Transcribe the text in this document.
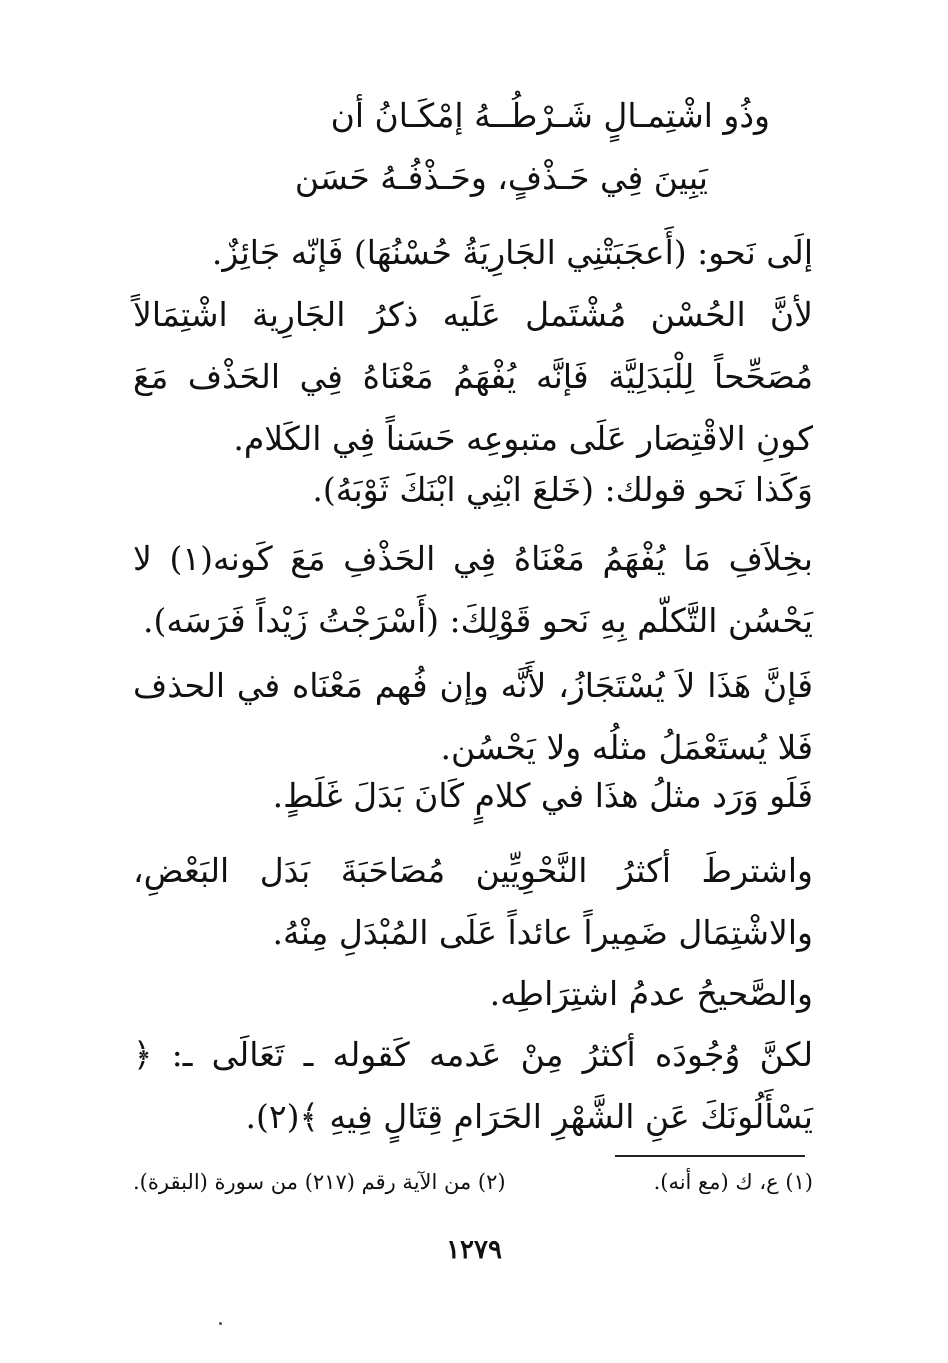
وذُو اشْتِمـالٍ شَـرْطُــهُ إمْكَـانُ أن
يَبِينَ فِي حَـذْفٍ، وحَـذْفُـهُ حَسَن

إلَى نَحو: (أَعجَبَتْنِي الجَارِيَةُ حُسْنُهَا) فَإنّه جَائِزٌ.

لأنَّ الحُسْن مُشْتَمل عَلَيه ذكرُ الجَارِية اشْتِمَالاً مُصَحِّحاً لِلْبَدَلِيَّة فَإنَّه يُفْهَمُ مَعْنَاهُ فِي الحَذْف مَعَ كونِ الاقْتِصَار عَلَى متبوعِه حَسَناً فِي الكَلام.

وَكَذا نَحو قولك: (خَلعَ ابْنِي ابْنَكَ ثَوْبَهُ).

بخِلاَفِ مَا يُفْهَمُ مَعْنَاهُ فِي الحَذْفِ مَعَ كَونه(١) لا يَحْسُن التَّكلّم بِهِ نَحو قَوْلِكَ: (أَسْرَجْتُ زَيْداً فَرَسَه).

فَإنَّ هَذَا لاَ يُسْتَجَازُ، لأَنَّه وإن فُهم مَعْنَاه في الحذف فَلا يُستَعْمَلُ مثلُه ولا يَحْسُن.

فَلَو وَرَد مثلُ هذَا في كلامٍ كَانَ بَدَلَ غَلَطٍ.

واشترطَ أكثرُ النَّحْوِيِّين مُصَاحَبَةَ بَدَل البَعْضِ، والاشْتِمَال ضَمِيراً عائداً عَلَى المُبْدَلِ مِنْهُ.

والصَّحيحُ عدمُ اشتِرَاطِه.

لكنَّ وُجُودَه أكثرُ مِنْ عَدمه كَقوله ـ تَعَالَى ـ: ﴿ يَسْأَلُونَكَ عَنِ الشَّهْرِ الحَرَامِ قِتَالٍ فِيهِ ﴾(٢).

(١) ع، ك (مع أنه).
(٢) من الآية رقم (٢١٧) من سورة (البقرة).
١٢٧٩
